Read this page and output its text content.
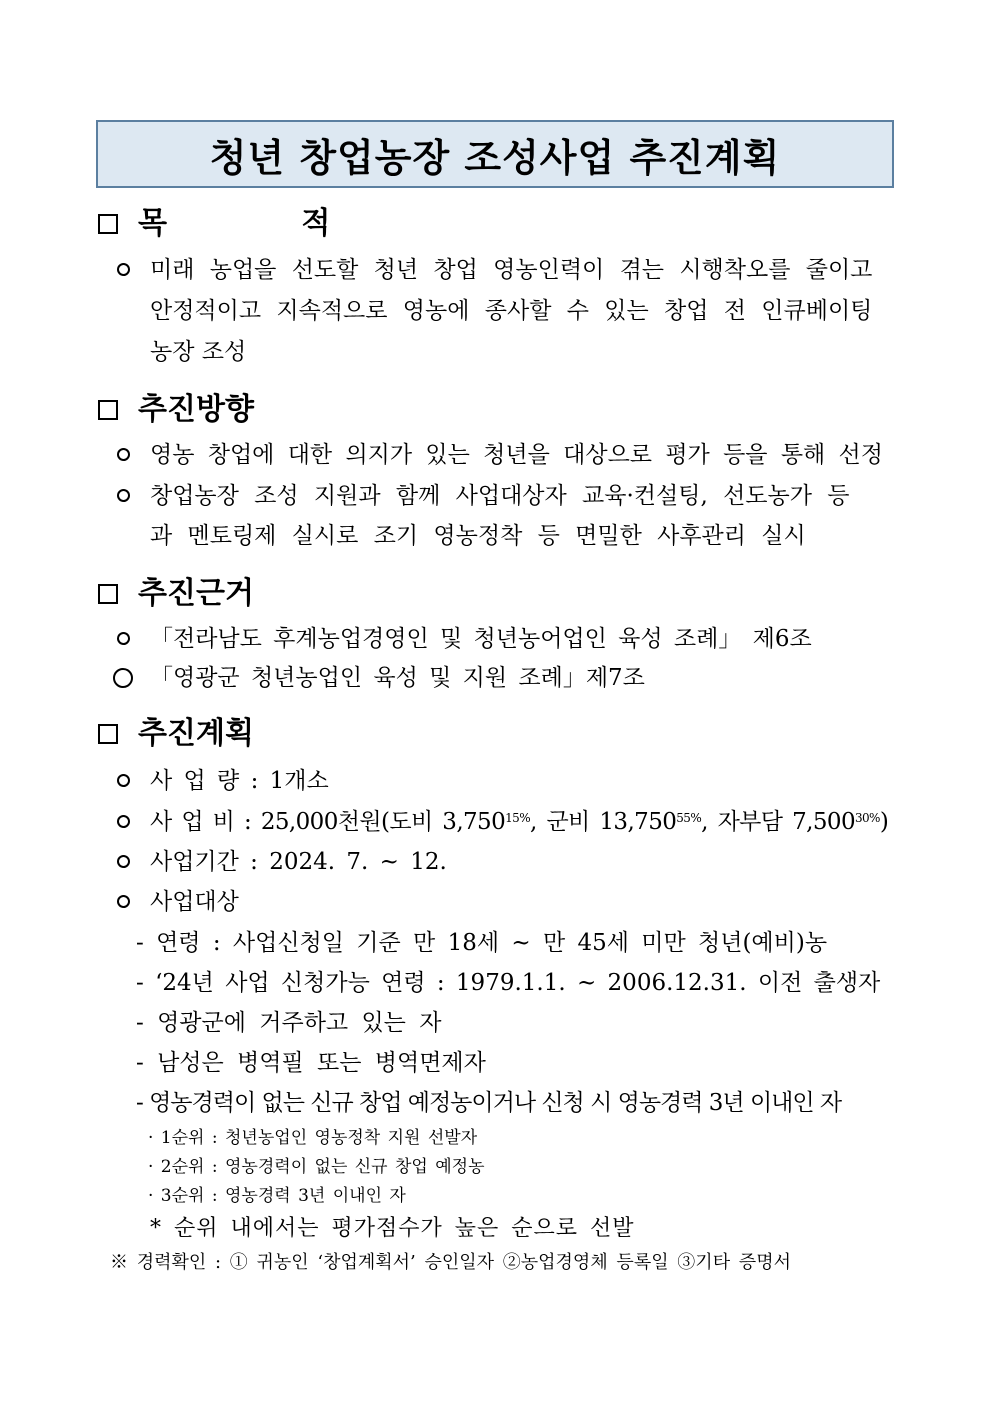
청년 창업농장 조성사업 추진계획
목 적
미래 농업을 선도할 청년 창업 영농인력이 겪는 시행착오를 줄이고
안정적이고 지속적으로 영농에 종사할 수 있는 창업 전 인큐베이팅
농장 조성
추진방향
영농 창업에 대한 의지가 있는 청년을 대상으로 평가 등을 통해 선정
창업농장 조성 지원과 함께 사업대상자 교육·컨설팅, 선도농가 등
과 멘토링제 실시로 조기 영농정착 등 면밀한 사후관리 실시
추진근거
「전라남도 후계농업경영인 및 청년농어업인 육성 조례」 제6조
「영광군 청년농업인 육성 및 지원 조례」제7조
추진계획
사 업 량 : 1개소
사 업 비 : 25,000천원(도비 $3,750^{15\%}$, 군비 $13,750^{55\%}$, 자부담 $7,500^{30\%}$)
사업기간 : 2024. 7. ~ 12.
사업대상
- 연령 : 사업신청일 기준 만 18세 ~ 만 45세 미만 청년(예비)농
- ‘24년 사업 신청가능 연령 : 1979.1.1. ~ 2006.12.31. 이전 출생자
- 영광군에 거주하고 있는 자
- 남성은 병역필 또는 병역면제자
- 영농경력이 없는 신규 창업 예정농이거나 신청 시 영농경력 3년 이내인 자
· 1순위 : 청년농업인 영농정착 지원 선발자
· 2순위 : 영농경력이 없는 신규 창업 예정농
· 3순위 : 영농경력 3년 이내인 자
* 순위 내에서는 평가점수가 높은 순으로 선발
※ 경력확인 : ① 귀농인 ‘창업계획서’ 승인일자 ②농업경영체 등록일 ③기타 증명서
